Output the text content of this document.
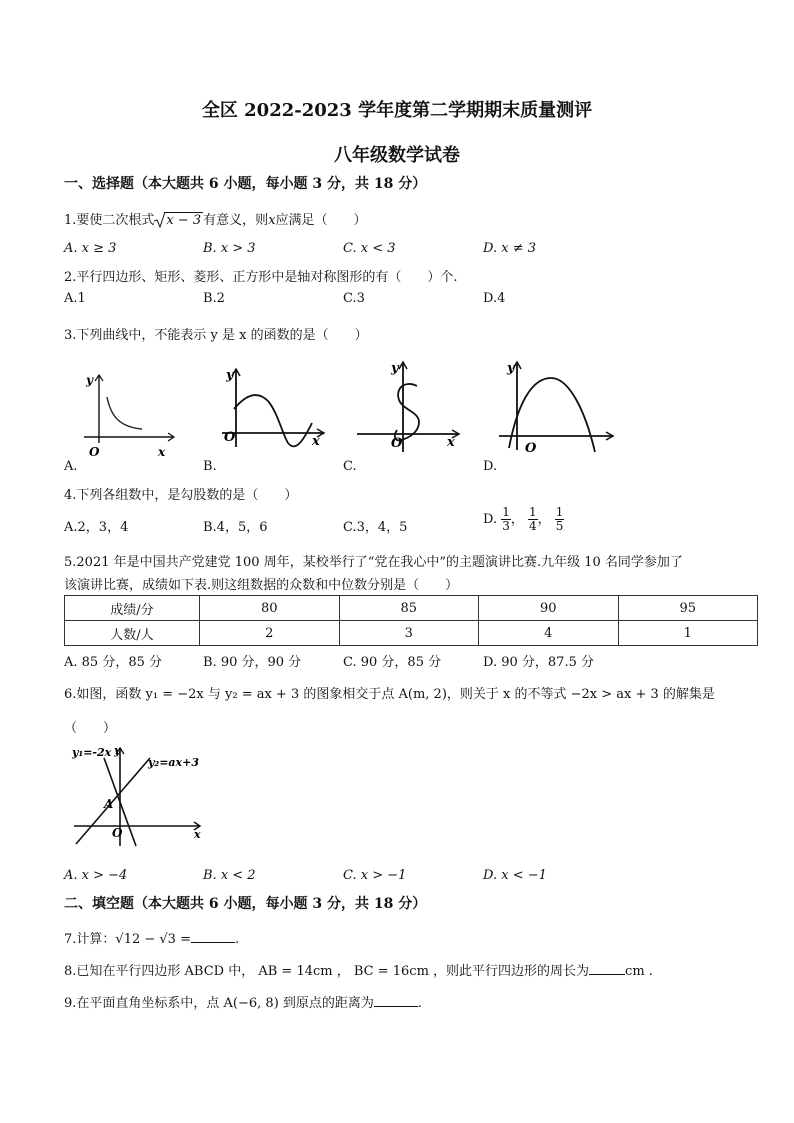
全区 2022-2023 学年度第二学期期末质量测评
八年级数学试卷
一、选择题（本大题共 6 小题，每小题 3 分，共 18 分）
1.要使二次根式 x − 3 有意义，则x应满足（　　）
A. x ≥ 3	B. x > 3	C. x < 3	D. x ≠ 3
2.平行四边形、矩形、菱形、正方形中是轴对称图形的有（　　）个.
A.1	B.2	C.3	D.4
3.下列曲线中，不能表示 y 是 x 的函数的是（　　）
y
O	x
y
O	x
y
O	x
y
O
A.	B.	C.	D.
4.下列各组数中，是勾股数的是（　　）
A.2，3，4	B.4，5，6	C.3，4，5
D. $\frac{1}{3}$ ， $\frac{1}{4}$ ， $\frac{1}{5}$
5.2021 年是中国共产党建党 100 周年，某校举行了“党在我心中”的主题演讲比赛.九年级 10 名同学参加了
该演讲比赛，成绩如下表.则这组数据的众数和中位数分别是（　　）
成绩/分	80	85	90	95
人数/人	2	3	4	1
A. 85 分，85 分	B. 90 分，90 分	C. 90 分，85 分	D. 90 分，87.5 分
6.如图，函数 y₁ = −2x 与 y₂ = ax + 3 的图象相交于点 A(m, 2)，则关于 x 的不等式 −2x > ax + 3 的解集是
（　　）
y₁=-2x
y₂=ax+3
y
A
O	x
A. x > −4	B. x < 2	C. x > −1	D. x < −1
二、填空题（本大题共 6 小题，每小题 3 分，共 18 分）
7.计算：√12 − √3 =	.
8.已知在平行四边形 ABCD 中， AB = 14cm ， BC = 16cm ，则此平行四边形的周长为	cm .
9.在平面直角坐标系中，点 A(−6, 8) 到原点的距离为	.
